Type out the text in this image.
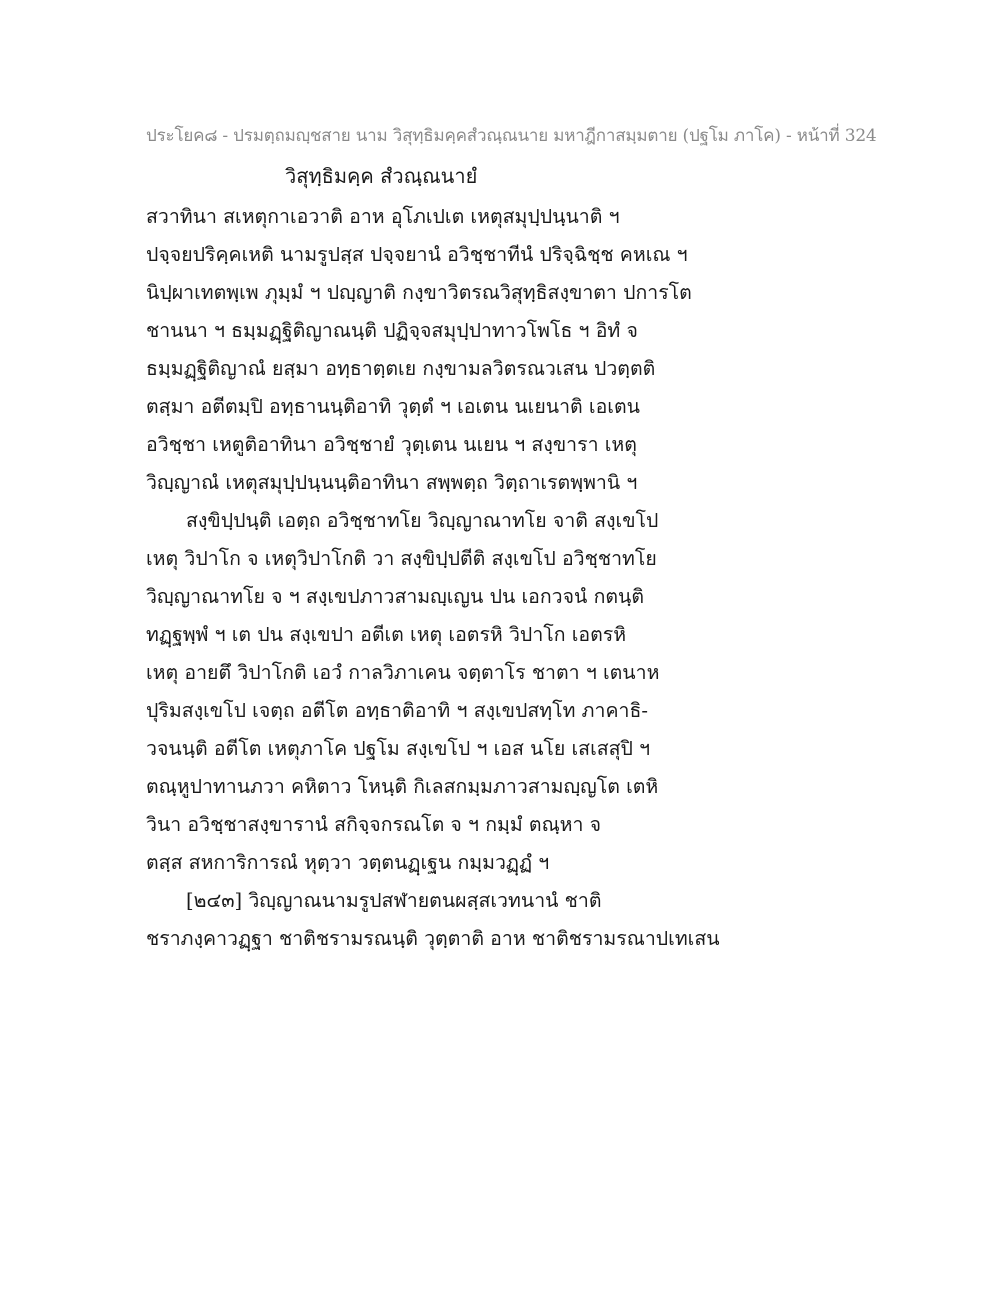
ประโยค๘ - ปรมตฺถมญฺชสาย นาม วิสุทฺธิมคฺคสํวณฺณนาย มหาฎีกาสมฺมตาย (ปฐโม ภาโค) - หน้าที่ 324
วิสุทฺธิมคฺค สํวณฺณนายํ
สวาทินา สเหตุกาเอวาติ อาห อุโภเปเต เหตุสมุปฺปนฺนาติ ฯ
ปจฺจยปริคฺคเหติ นามรูปสฺส ปจฺจยานํ อวิชฺชาทีนํ ปริจฺฉิชฺช คหเณ ฯ
นิปฺผาเทตพฺเพ ภุมฺมํ ฯ ปญฺญาติ กงฺขาวิตรณวิสุทฺธิสงฺขาตา ปการโต
ชานนา ฯ ธมฺมฏฺฐิติญาณนฺติ ปฏิจฺจสมุปฺปาทาวโพโธ ฯ อิทํ จ
ธมฺมฏฺฐิติญาณํ ยสฺมา อทฺธาตฺตเย กงฺขามลวิตรณวเสน ปวตฺตติ
ตสฺมา อตีตมฺปิ อทฺธานนฺติอาทิ วุตฺตํ ฯ เอเตน นเยนาติ เอเตน
อวิชฺชา เหตูติอาทินา อวิชฺชายํ วุตฺเตน นเยน ฯ สงฺขารา เหตุ
วิญฺญาณํ เหตุสมุปฺปนฺนนฺติอาทินา สพฺพตฺถ วิตฺถาเรตพฺพานิ ฯ
สงฺขิปฺปนฺติ เอตฺถ อวิชฺชาทโย วิญฺญาณาทโย จาติ สงฺเขโป
เหตุ วิปาโก จ เหตุวิปาโกติ วา สงฺขิปฺปตีติ สงฺเขโป อวิชฺชาทโย
วิญฺญาณาทโย จ ฯ สงฺเขปภาวสามญฺเญน ปน เอกวจนํ กตนฺติ
ทฏฺฐพฺพํ ฯ เต ปน สงฺเขปา อตีเต เหตุ เอตรหิ วิปาโก เอตรหิ
เหตุ อายตึ วิปาโกติ เอวํ กาลวิภาเคน จตฺตาโร ชาตา ฯ เตนาห
ปุริมสงฺเขโป เจตฺถ อตีโต อทฺธาติอาทิ ฯ สงฺเขปสทฺโท ภาคาธิ-
วจนนฺติ อตีโต เหตุภาโค ปฐโม สงฺเขโป ฯ เอส นโย เสเสสุปิ ฯ
ตณฺหูปาทานภวา คหิตาว โหนฺติ กิเลสกมฺมภาวสามญฺญโต เตหิ
วินา อวิชฺชาสงฺขารานํ สกิจฺจกรณโต จ ฯ กมฺมํ ตณฺหา จ
ตสฺส สหการิการณํ หุตฺวา วตฺตนฏฺเฐน กมฺมวฏฺฏํ ฯ
[๒๔๓] วิญฺญาณนามรูปสฬายตนผสฺสเวทนานํ ชาติ
ชราภงฺคาวฏฺฐา ชาติชรามรณนฺติ วุตฺตาติ อาห ชาติชรามรณาปเทเสน
